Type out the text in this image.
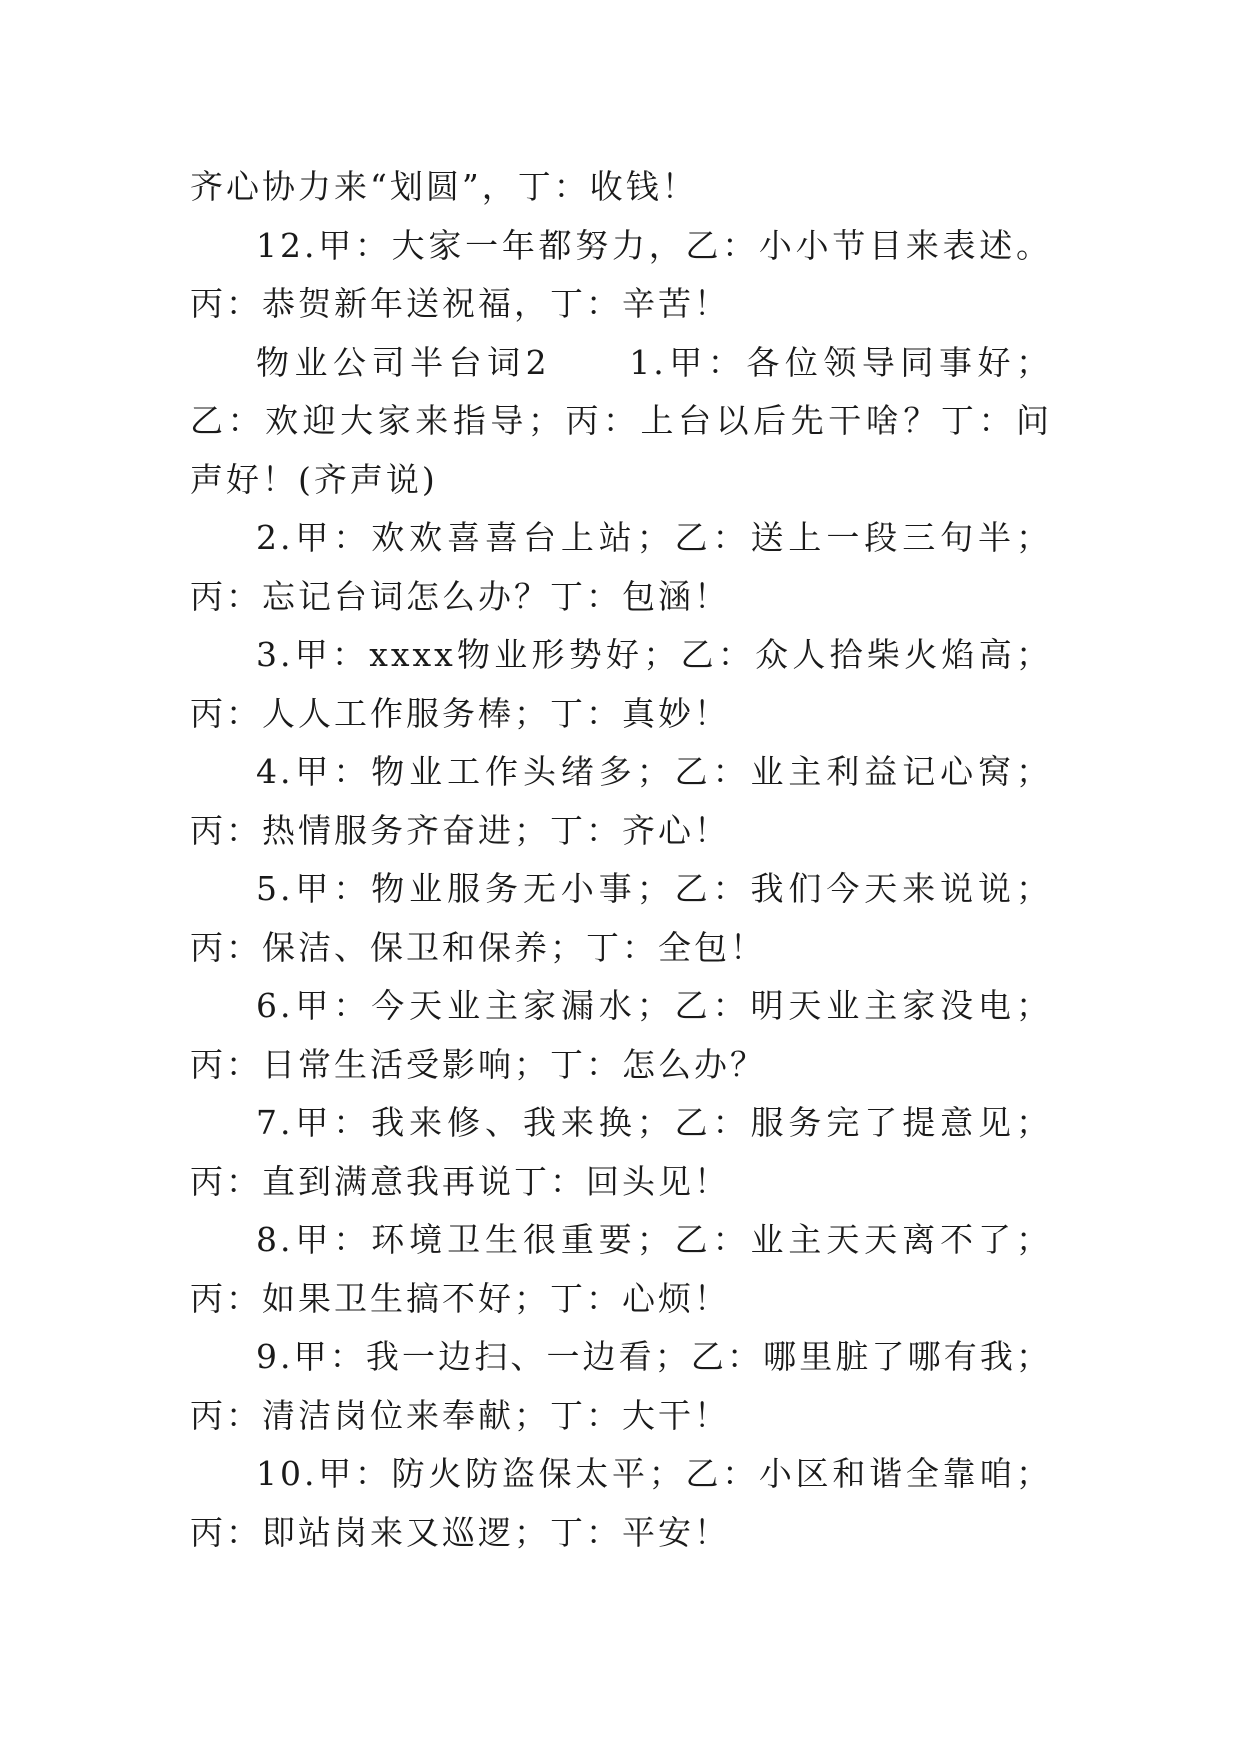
齐心协力来“划圆”，丁：收钱！

12.甲：大家一年都努力，乙：小小节目来表述。丙：恭贺新年送祝福，丁：辛苦！

物业公司半台词2　　1.甲：各位领导同事好；乙：欢迎大家来指导；丙：上台以后先干啥？丁：问声好！(齐声说)

2.甲：欢欢喜喜台上站；乙：送上一段三句半；丙：忘记台词怎么办？丁：包涵！

3.甲：xxxx物业形势好；乙：众人拾柴火焰高；丙：人人工作服务棒；丁：真妙！

4.甲：物业工作头绪多；乙：业主利益记心窝；丙：热情服务齐奋进；丁：齐心！

5.甲：物业服务无小事；乙：我们今天来说说；丙：保洁、保卫和保养；丁：全包！

6.甲：今天业主家漏水；乙：明天业主家没电；丙：日常生活受影响；丁：怎么办？

7.甲：我来修、我来换；乙：服务完了提意见；丙：直到满意我再说丁：回头见！

8.甲：环境卫生很重要；乙：业主天天离不了；丙：如果卫生搞不好；丁：心烦！

9.甲：我一边扫、一边看；乙：哪里脏了哪有我；丙：清洁岗位来奉献；丁：大干！

10.甲：防火防盗保太平；乙：小区和谐全靠咱；丙：即站岗来又巡逻；丁：平安！
